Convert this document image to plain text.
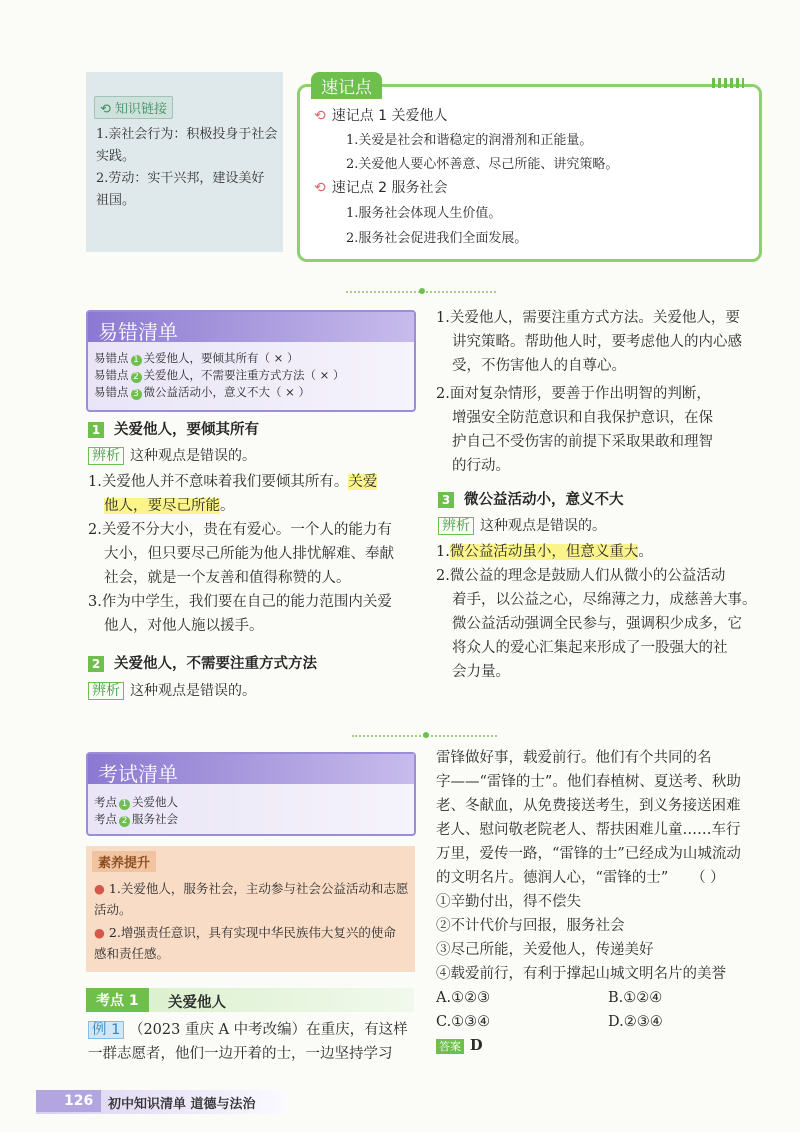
⟲ 知识链接
1.亲社会行为：积极投身于社会
实践。
2.劳动：实干兴邦，建设美好
祖国。
⟲ 速记点 1 关爱他人
1.关爱是社会和谐稳定的润滑剂和正能量。
2.关爱他人要心怀善意、尽己所能、讲究策略。
⟲ 速记点 2 服务社会
1.服务社会体现人生价值。
2.服务社会促进我们全面发展。
速记点
易错清单
易错点 1 关爱他人，要倾其所有（ × ）
易错点 2 关爱他人，不需要注重方式方法（ × ）
易错点 3 微公益活动小，意义不大（ × ）
1 关爱他人，要倾其所有
辨析 这种观点是错误的。
1.关爱他人并不意味着我们要倾其所有。关爱
他人，要尽己所能。
2.关爱不分大小，贵在有爱心。一个人的能力有
大小，但只要尽己所能为他人排忧解难、奉献
社会，就是一个友善和值得称赞的人。
3.作为中学生，我们要在自己的能力范围内关爱
他人，对他人施以援手。
2 关爱他人，不需要注重方式方法
辨析 这种观点是错误的。
1.关爱他人，需要注重方式方法。关爱他人，要
讲究策略。帮助他人时，要考虑他人的内心感
受，不伤害他人的自尊心。
2.面对复杂情形，要善于作出明智的判断，
增强安全防范意识和自我保护意识，在保
护自己不受伤害的前提下采取果敢和理智
的行动。
3 微公益活动小，意义不大
辨析 这种观点是错误的。
1.微公益活动虽小，但意义重大。
2.微公益的理念是鼓励人们从微小的公益活动
着手，以公益之心，尽绵薄之力，成慈善大事。
微公益活动强调全民参与，强调积少成多，它
将众人的爱心汇集起来形成了一股强大的社
会力量。
考试清单
考点 1 关爱他人
考点 2 服务社会
素养提升
● 1.关爱他人，服务社会，主动参与社会公益活动和志愿
活动。
● 2.增强责任意识，具有实现中华民族伟大复兴的使命
感和责任感。
考点 1	关爱他人
例 1 （2023 重庆 A 中考改编）在重庆，有这样
一群志愿者，他们一边开着的士，一边坚持学习
雷锋做好事，载爱前行。他们有个共同的名
字——“雷锋的士”。他们春植树、夏送考、秋助
老、冬献血，从免费接送考生，到义务接送困难
老人、慰问敬老院老人、帮扶困难儿童……车行
万里，爱传一路，“雷锋的士”已经成为山城流动
的文明名片。德润人心，“雷锋的士” （ ）
①辛勤付出，得不偿失
②不计代价与回报，服务社会
③尽己所能，关爱他人，传递美好
④载爱前行，有利于撑起山城文明名片的美誉
A.①②③	B.①②④
C.①③④	D.②③④
答案 D
126	初中知识清单 道德与法治
